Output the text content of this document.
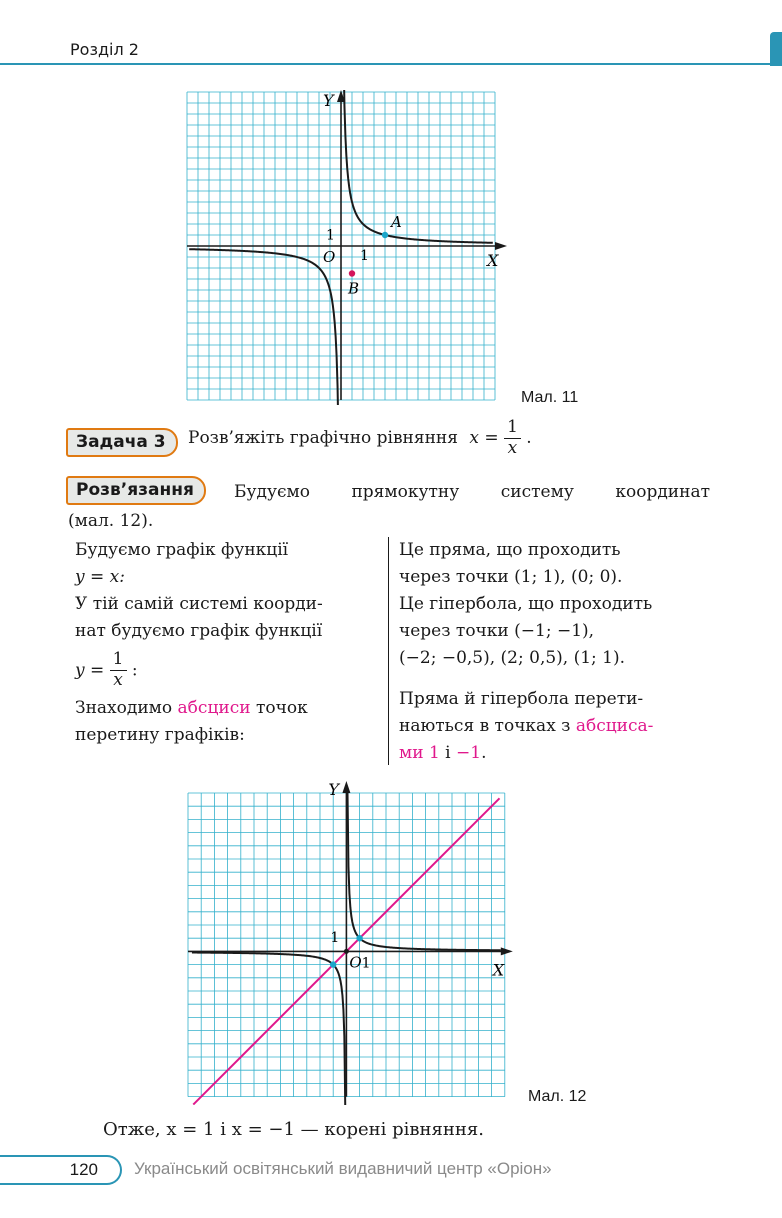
Розділ 2
Y
X
O 1
1
A
B
Мал. 11
Задача 3	Розв’яжіть графічно рівняння $x = \frac{1}{x}$ .
Розв’язання	Будуємо прямокутну систему координат
(мал. 12).

Будуємо графік функції

y = x:

У тій самій системі коорди-

нат будуємо графік функції

$y = \frac{1}{x}$ :

Знаходимо абсциси точок

перетину графіків:

Це пряма, що проходить

через точки (1; 1), (0; 0).

Це гіпербола, що проходить

через точки (−1; −1),

(−2; −0,5), (2; 0,5), (1; 1).

Пряма й гіпербола перети-

наються в точках з абсциса-

ми 1 і −1.

Y
X
O 1
1
Мал. 12
Отже, x = 1 і x = −1 — корені рівняння.
120	Український освітянський видавничий центр «Оріон»
